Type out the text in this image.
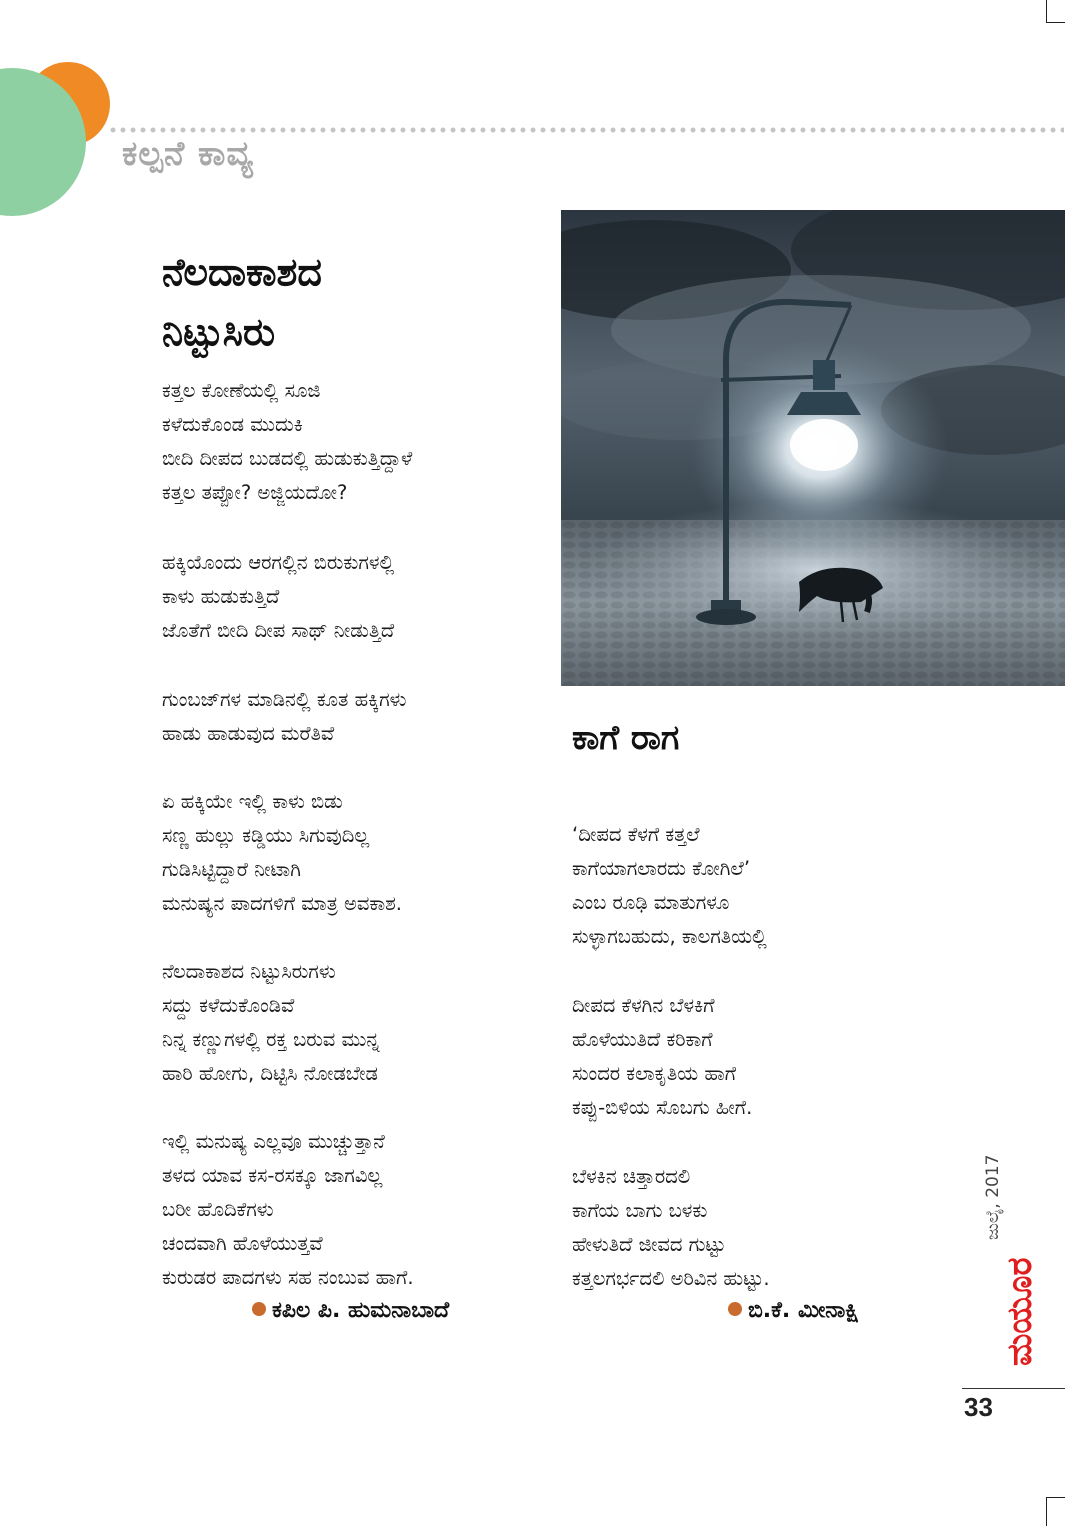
ಕಲ್ಪನೆ ಕಾವ್ಯ
ನೆಲದಾಕಾಶದ
ನಿಟ್ಟುಸಿರು
ಕತ್ತಲ ಕೋಣೆಯಲ್ಲಿ ಸೂಜಿ
ಕಳೆದುಕೊಂಡ ಮುದುಕಿ
ಬೀದಿ ದೀಪದ ಬುಡದಲ್ಲಿ ಹುಡುಕುತ್ತಿದ್ದಾಳೆ
ಕತ್ತಲ ತಪ್ಪೋ? ಅಜ್ಜಿಯದೋ?
ಹಕ್ಕಿಯೊಂದು ಆರಗಲ್ಲಿನ ಬಿರುಕುಗಳಲ್ಲಿ
ಕಾಳು ಹುಡುಕುತ್ತಿದೆ
ಜೊತೆಗೆ ಬೀದಿ ದೀಪ ಸಾಥ್ ನೀಡುತ್ತಿದೆ
ಗುಂಬಜ್‌ಗಳ ಮಾಡಿನಲ್ಲಿ ಕೂತ ಹಕ್ಕಿಗಳು
ಹಾಡು ಹಾಡುವುದ ಮರೆತಿವೆ
ಏ ಹಕ್ಕಿಯೇ ಇಲ್ಲಿ ಕಾಳು ಬಿಡು
ಸಣ್ಣ ಹುಲ್ಲು ಕಡ್ಡಿಯು ಸಿಗುವುದಿಲ್ಲ
ಗುಡಿಸಿಟ್ಟಿದ್ದಾರೆ ನೀಟಾಗಿ
ಮನುಷ್ಯನ ಪಾದಗಳಿಗೆ ಮಾತ್ರ ಅವಕಾಶ.
ನೆಲದಾಕಾಶದ ನಿಟ್ಟುಸಿರುಗಳು
ಸದ್ದು ಕಳೆದುಕೊಂಡಿವೆ
ನಿನ್ನ ಕಣ್ಣುಗಳಲ್ಲಿ ರಕ್ತ ಬರುವ ಮುನ್ನ
ಹಾರಿ ಹೋಗು, ದಿಟ್ಟಿಸಿ ನೋಡಬೇಡ
ಇಲ್ಲಿ ಮನುಷ್ಯ ಎಲ್ಲವೂ ಮುಚ್ಚುತ್ತಾನೆ
ತಳದ ಯಾವ ಕಸ-ರಸಕ್ಕೂ ಜಾಗವಿಲ್ಲ
ಬರೀ ಹೊದಿಕೆಗಳು
ಚಂದವಾಗಿ ಹೊಳೆಯುತ್ತವೆ
ಕುರುಡರ ಪಾದಗಳು ಸಹ ನಂಬುವ ಹಾಗೆ.
ಕಪಿಲ ಪಿ. ಹುಮನಾಬಾದೆ
ಕಾಗೆ ರಾಗ
‘ದೀಪದ ಕೆಳಗೆ ಕತ್ತಲೆ
ಕಾಗೆಯಾಗಲಾರದು ಕೋಗಿಲೆ’
ಎಂಬ ರೂಢಿ ಮಾತುಗಳೂ
ಸುಳ್ಳಾಗಬಹುದು, ಕಾಲಗತಿಯಲ್ಲಿ
ದೀಪದ ಕೆಳಗಿನ ಬೆಳಕಿಗೆ
ಹೊಳೆಯುತಿದೆ ಕರಿಕಾಗೆ
ಸುಂದರ ಕಲಾಕೃತಿಯ ಹಾಗೆ
ಕಪ್ಪು-ಬಿಳಿಯ ಸೊಬಗು ಹೀಗೆ.
ಬೆಳಕಿನ ಚಿತ್ತಾರದಲಿ
ಕಾಗೆಯ ಬಾಗು ಬಳಕು
ಹೇಳುತಿದೆ ಜೀವದ ಗುಟ್ಟು
ಕತ್ತಲಗರ್ಭದಲಿ ಅರಿವಿನ ಹುಟ್ಟು.
ಬಿ.ಕೆ. ಮೀನಾಕ್ಷಿ
ಜುಲೈ, 2017
ಮಯೂರ
33
